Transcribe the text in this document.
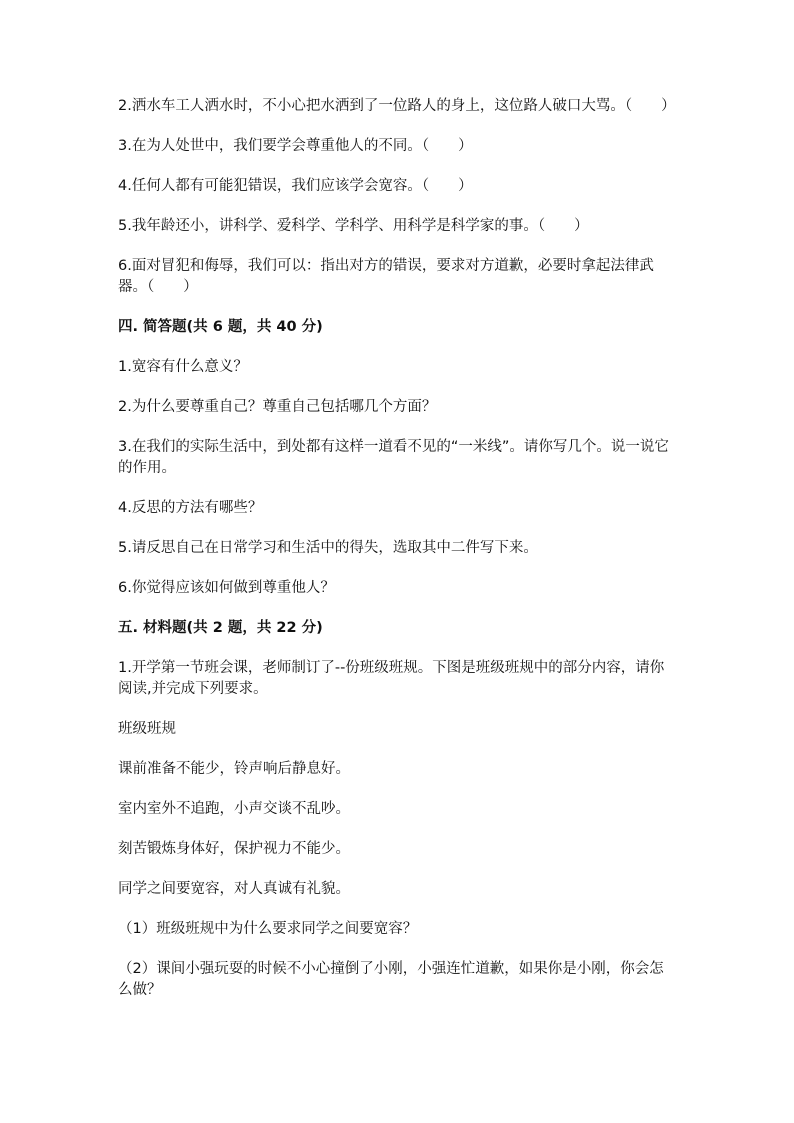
2.洒水车工人洒水时，不小心把水洒到了一位路人的身上，这位路人破口大骂。（　　）

3.在为人处世中，我们要学会尊重他人的不同。（　　）

4.任何人都有可能犯错误，我们应该学会宽容。（　　）

5.我年龄还小，讲科学、爱科学、学科学、用科学是科学家的事。（　　）

6.面对冒犯和侮辱，我们可以：指出对方的错误，要求对方道歉，必要时拿起法律武器。（　　）

四. 简答题(共 6 题，共 40 分)

1.宽容有什么意义？

2.为什么要尊重自己？尊重自己包括哪几个方面？

3.在我们的实际生活中，到处都有这样一道看不见的“一米线”。请你写几个。说一说它的作用。

4.反思的方法有哪些？

5.请反思自己在日常学习和生活中的得失，选取其中二件写下来。

6.你觉得应该如何做到尊重他人？

五. 材料题(共 2 题，共 22 分)

1.开学第一节班会课，老师制订了--份班级班规。下图是班级班规中的部分内容，请你阅读,并完成下列要求。

班级班规

课前准备不能少，铃声响后静息好。

室内室外不追跑，小声交谈不乱吵。

刻苦锻炼身体好，保护视力不能少。

同学之间要宽容，对人真诚有礼貌。

（1）班级班规中为什么要求同学之间要宽容？

（2）课间小强玩耍的时候不小心撞倒了小刚，小强连忙道歉，如果你是小刚，你会怎么做？
